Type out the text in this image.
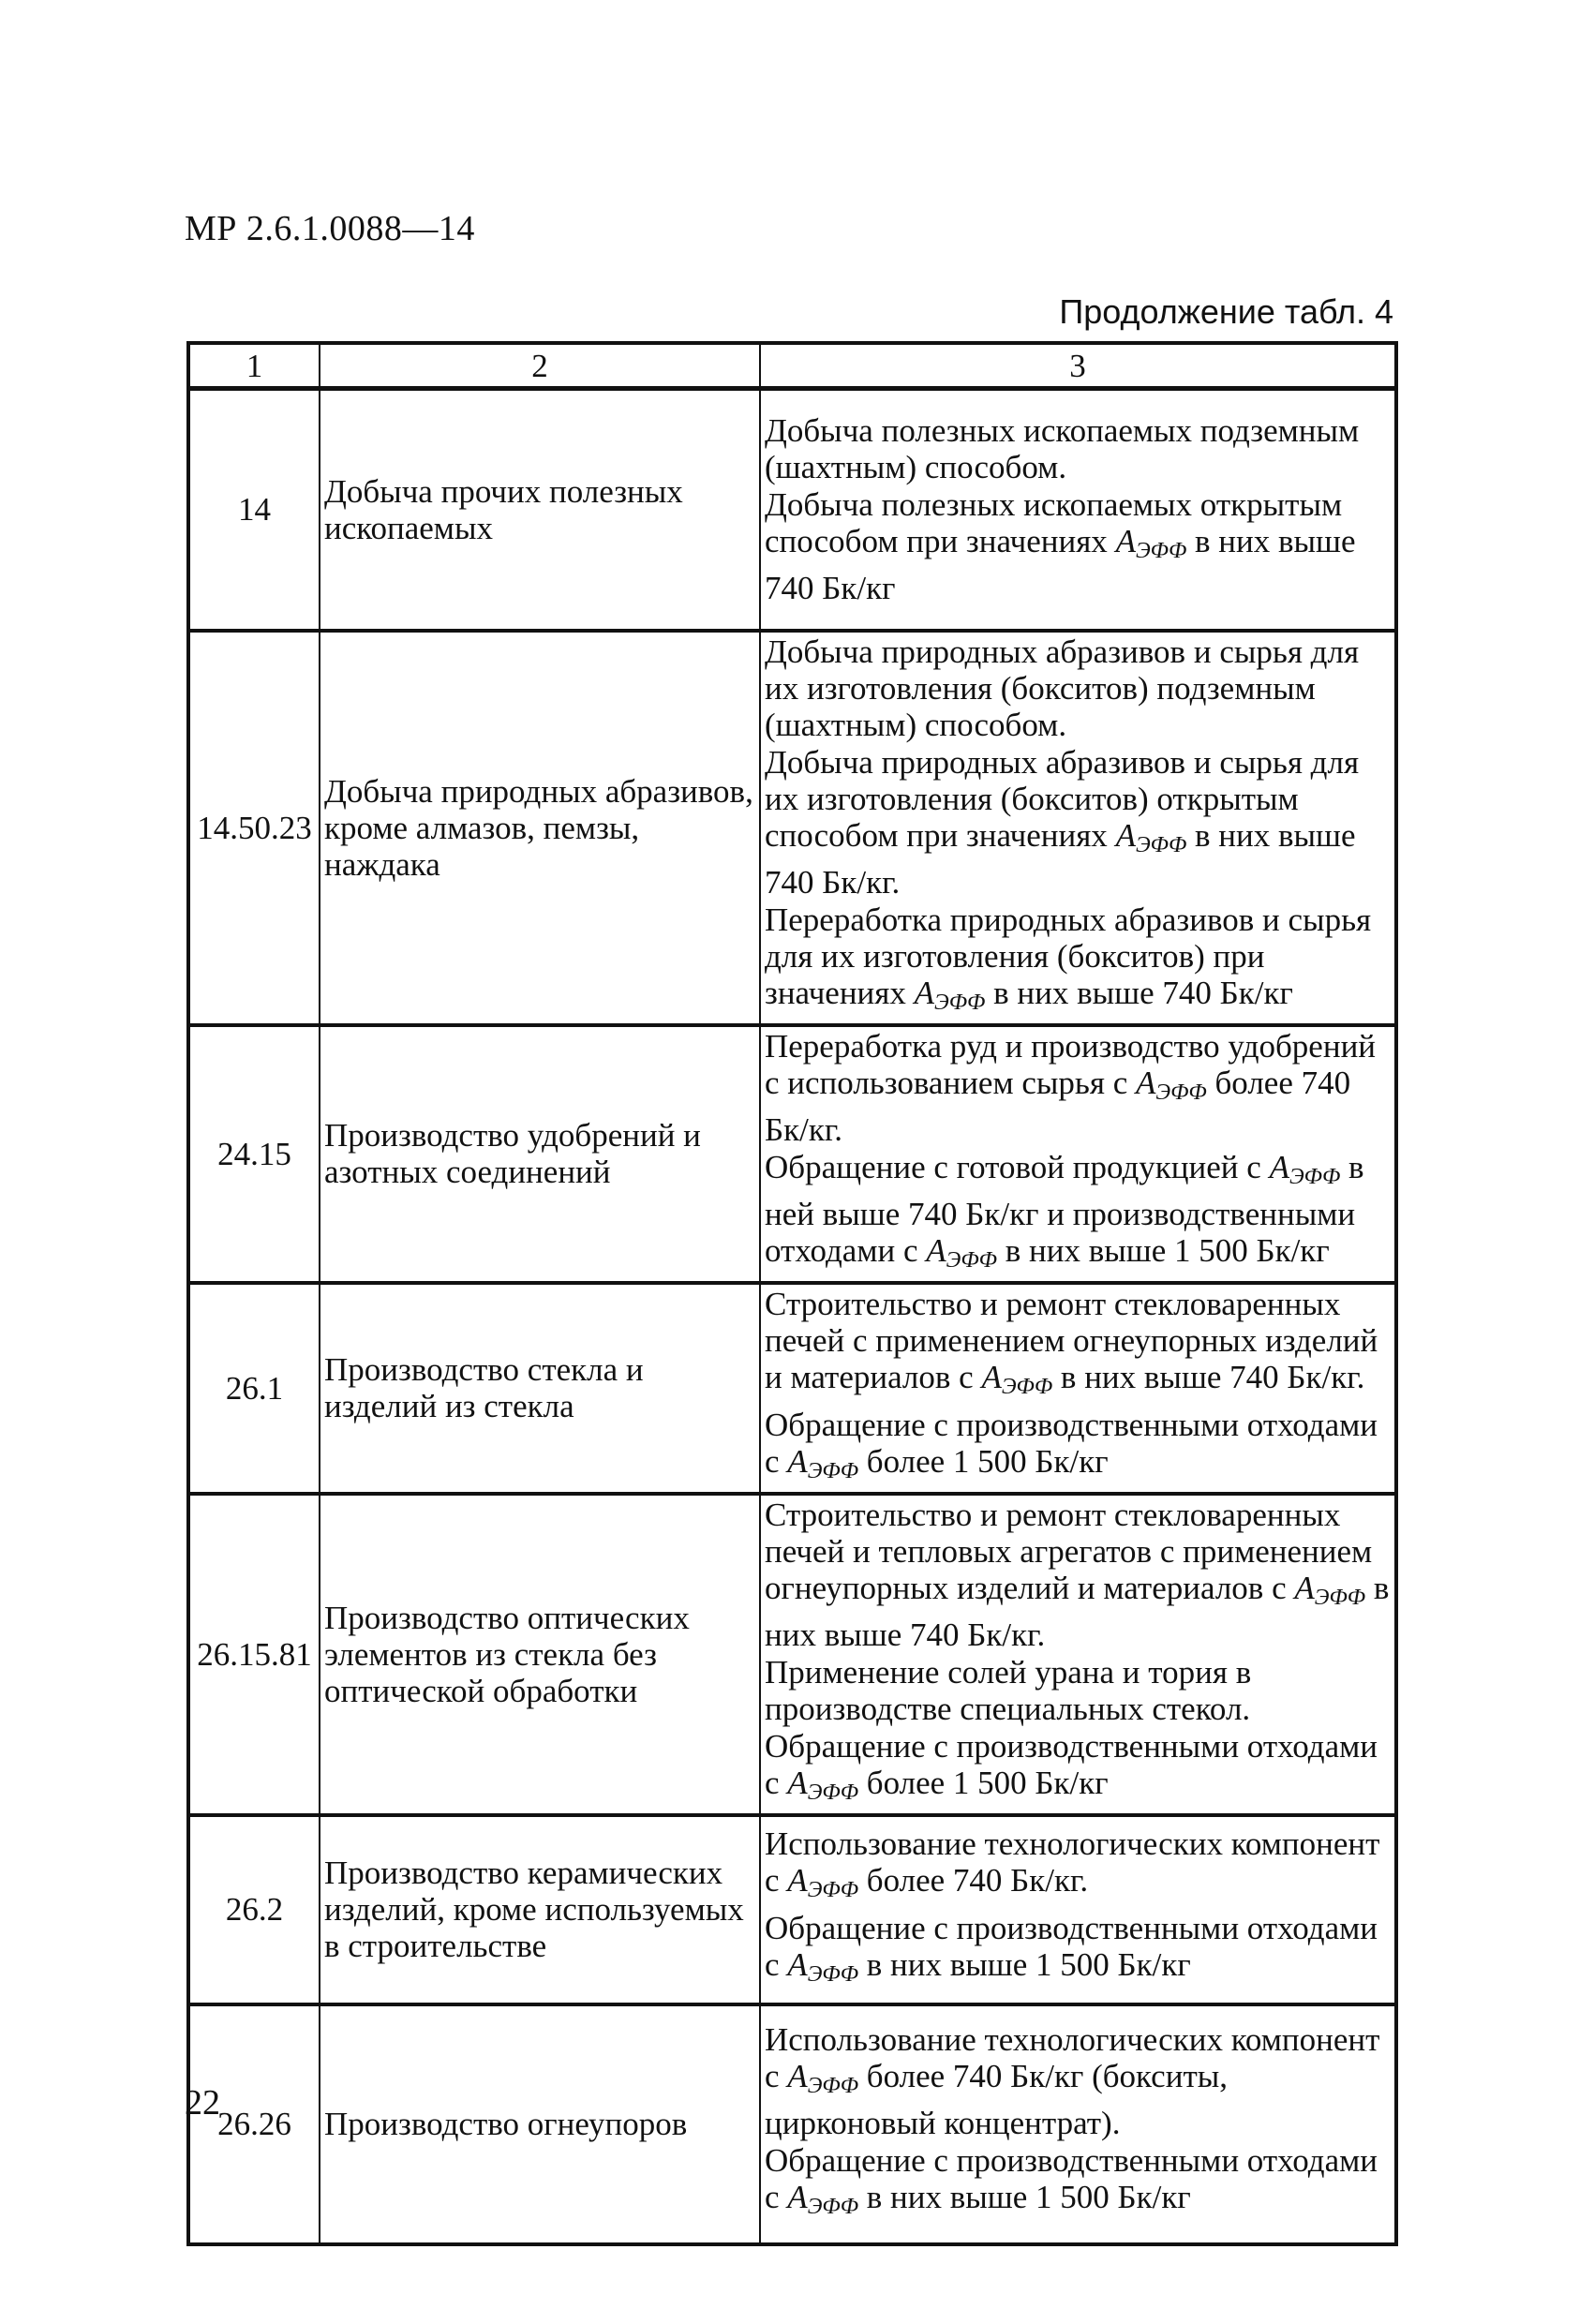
МР 2.6.1.0088—14
Продолжение табл. 4
1	2	3
14	Добыча прочих полезных ископаемых	Добыча полезных ископаемых подземным (шахтным) способом.
Добыча полезных ископаемых открытым способом при значениях $A_{ЭФФ}$ в них выше 740 Бк/кг

14.50.23	Добыча природных абразивов, кроме алмазов, пемзы, наждака	Добыча природных абразивов и сырья для их изготовления (бокситов) подземным (шахтным) способом.
Добыча природных абразивов и сырья для их изготовления (бокситов) открытым способом при значениях $A_{ЭФФ}$ в них выше 740 Бк/кг.
Переработка природных абразивов и сырья для их изготовления (бокситов) при значениях $A_{ЭФФ}$ в них выше 740 Бк/кг

24.15	Производство удобрений и азотных соединений	Переработка руд и производство удобрений с использованием сырья с $A_{ЭФФ}$ более 740 Бк/кг.
Обращение с готовой продукцией с $A_{ЭФФ}$ в ней выше 740 Бк/кг и производственными отходами с $A_{ЭФФ}$ в них выше 1 500 Бк/кг

26.1	Производство стекла и изделий из стекла	Строительство и ремонт стекловаренных печей с применением огнеупорных изделий и материалов с $A_{ЭФФ}$ в них выше 740 Бк/кг.
Обращение с производственными отходами с $A_{ЭФФ}$ более 1 500 Бк/кг

26.15.81	Производство оптических элементов из стекла без оптической обработки	Строительство и ремонт стекловаренных печей и тепловых агрегатов с применением огнеупорных изделий и материалов с $A_{ЭФФ}$ в них выше 740 Бк/кг.
Применение солей урана и тория в производстве специальных стекол.
Обращение с производственными отходами с $A_{ЭФФ}$ более 1 500 Бк/кг

26.2	Производство керамических изделий, кроме используемых в строительстве	Использование технологических компонент с $A_{ЭФФ}$ более 740 Бк/кг.
Обращение с производственными отходами с $A_{ЭФФ}$ в них выше 1 500 Бк/кг

26.26	Производство огнеупоров	Использование технологических компонент с $A_{ЭФФ}$ более 740 Бк/кг (бокситы, цирконовый концентрат).
Обращение с производственными отходами с $A_{ЭФФ}$ в них выше 1 500 Бк/кг
22
